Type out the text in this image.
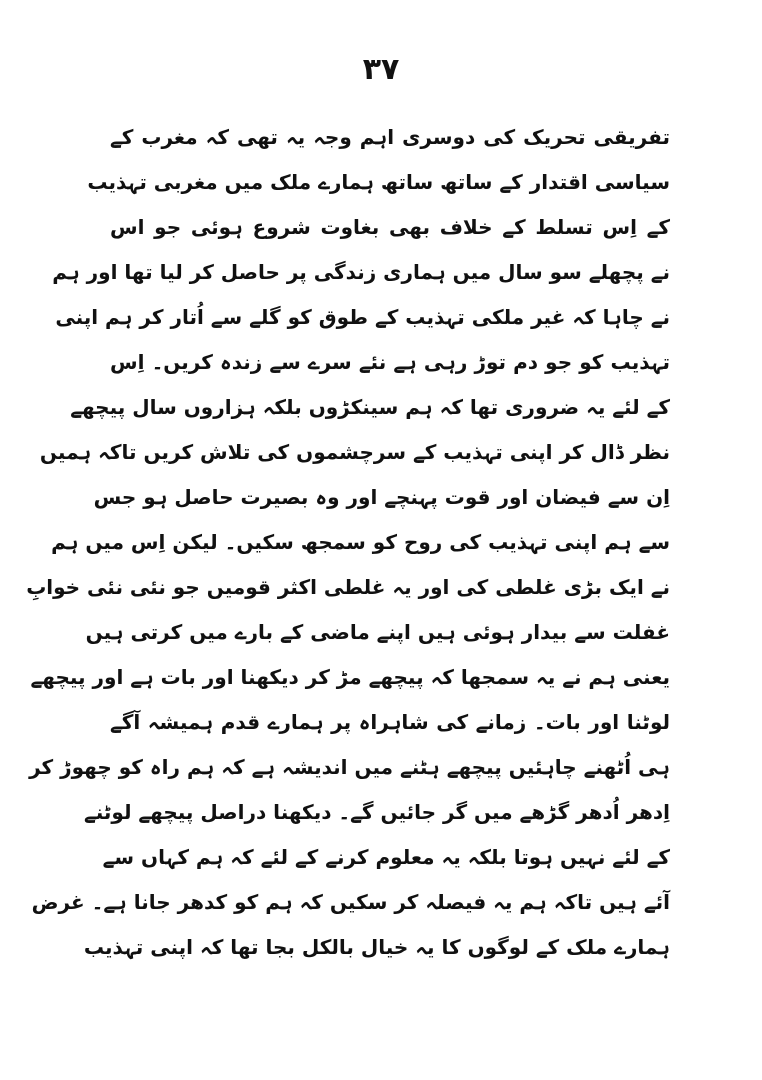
۳۷
تفریقی تحریک کی دوسری اہم وجہ یہ تھی کہ مغرب کے
سیاسی اقتدار کے ساتھ ساتھ ہمارے ملک میں مغربی تہذیب
کے اِس تسلط کے خلاف بھی بغاوت شروع ہوئی جو اس
نے پچھلے سو سال میں ہماری زندگی پر حاصل کر لیا تھا اور ہم
نے چاہا کہ غیر ملکی تہذیب کے طوق کو گلے سے اُتار کر ہم اپنی
تہذیب کو جو دم توڑ رہی ہے نئے سرے سے زندہ کریں۔ اِس
کے لئے یہ ضروری تھا کہ ہم سینکڑوں بلکہ ہزاروں سال پیچھے
نظر ڈال کر اپنی تہذیب کے سرچشموں کی تلاش کریں تاکہ ہمیں
اِن سے فیضان اور قوت پہنچے اور وہ بصیرت حاصل ہو جس
سے ہم اپنی تہذیب کی روح کو سمجھ سکیں۔ لیکن اِس میں ہم
نے ایک بڑی غلطی کی اور یہ غلطی اکثر قومیں جو نئی نئی خوابِ
غفلت سے بیدار ہوئی ہیں اپنے ماضی کے بارے میں کرتی ہیں
یعنی ہم نے یہ سمجھا کہ پیچھے مڑ کر دیکھنا اور بات ہے اور پیچھے
لوٹنا اور بات۔ زمانے کی شاہراہ پر ہمارے قدم ہمیشہ آگے
ہی اُٹھنے چاہئیں پیچھے ہٹنے میں اندیشہ ہے کہ ہم راہ کو چھوڑ کر
اِدھر اُدھر گڑھے میں گر جائیں گے۔ دیکھنا دراصل پیچھے لوٹنے
کے لئے نہیں ہوتا بلکہ یہ معلوم کرنے کے لئے کہ ہم کہاں سے
آئے ہیں تاکہ ہم یہ فیصلہ کر سکیں کہ ہم کو کدھر جانا ہے۔ غرض
ہمارے ملک کے لوگوں کا یہ خیال بالکل بجا تھا کہ اپنی تہذیب
